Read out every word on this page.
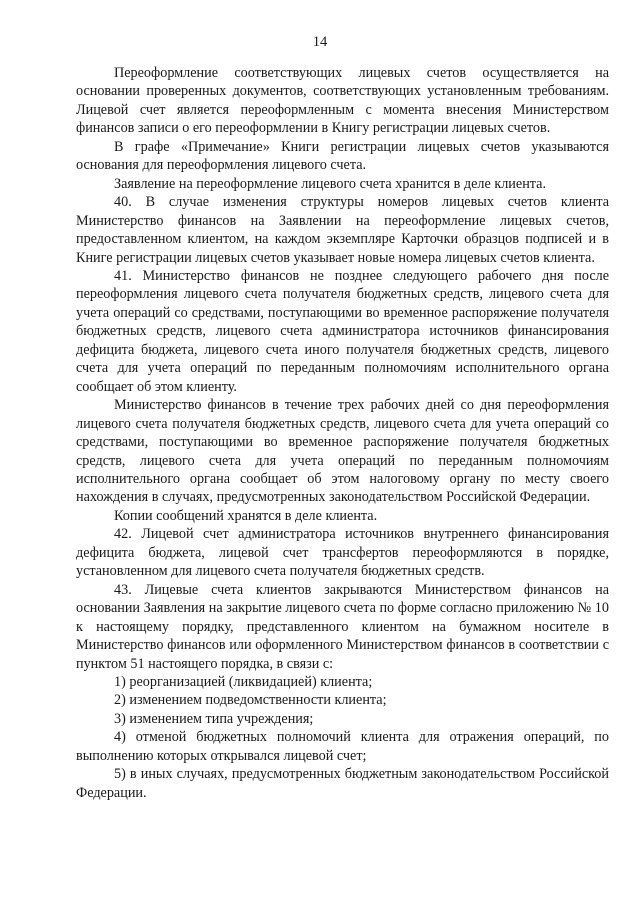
14

Переоформление соответствующих лицевых счетов осуществляется на основании проверенных документов, соответствующих установленным требованиям. Лицевой счет является переоформленным с момента внесения Министерством финансов записи о его переоформлении в Книгу регистрации лицевых счетов.

В графе «Примечание» Книги регистрации лицевых счетов указываются основания для переоформления лицевого счета.

Заявление на переоформление лицевого счета хранится в деле клиента.

40. В случае изменения структуры номеров лицевых счетов клиента Министерство финансов на Заявлении на переоформление лицевых счетов, предоставленном клиентом, на каждом экземпляре Карточки образцов подписей и в Книге регистрации лицевых счетов указывает новые номера лицевых счетов клиента.

41. Министерство финансов не позднее следующего рабочего дня после переоформления лицевого счета получателя бюджетных средств, лицевого счета для учета операций со средствами, поступающими во временное распоряжение получателя бюджетных средств, лицевого счета администратора источников финансирования дефицита бюджета, лицевого счета иного получателя бюджетных средств, лицевого счета для учета операций по переданным полномочиям исполнительного органа сообщает об этом клиенту.

Министерство финансов в течение трех рабочих дней со дня переоформления лицевого счета получателя бюджетных средств, лицевого счета для учета операций со средствами, поступающими во временное распоряжение получателя бюджетных средств, лицевого счета для учета операций по переданным полномочиям исполнительного органа сообщает об этом налоговому органу по месту своего нахождения в случаях, предусмотренных законодательством Российской Федерации.

Копии сообщений хранятся в деле клиента.

42. Лицевой счет администратора источников внутреннего финансирования дефицита бюджета, лицевой счет трансфертов переоформляются в порядке, установленном для лицевого счета получателя бюджетных средств.

43. Лицевые счета клиентов закрываются Министерством финансов на основании Заявления на закрытие лицевого счета по форме согласно приложению № 10 к настоящему порядку, представленного клиентом на бумажном носителе в Министерство финансов или оформленного Министерством финансов в соответствии с пунктом 51 настоящего порядка, в связи с:

1) реорганизацией (ликвидацией) клиента;

2) изменением подведомственности клиента;

3) изменением типа учреждения;

4) отменой бюджетных полномочий клиента для отражения операций, по выполнению которых открывался лицевой счет;

5) в иных случаях, предусмотренных бюджетным законодательством Российской Федерации.
